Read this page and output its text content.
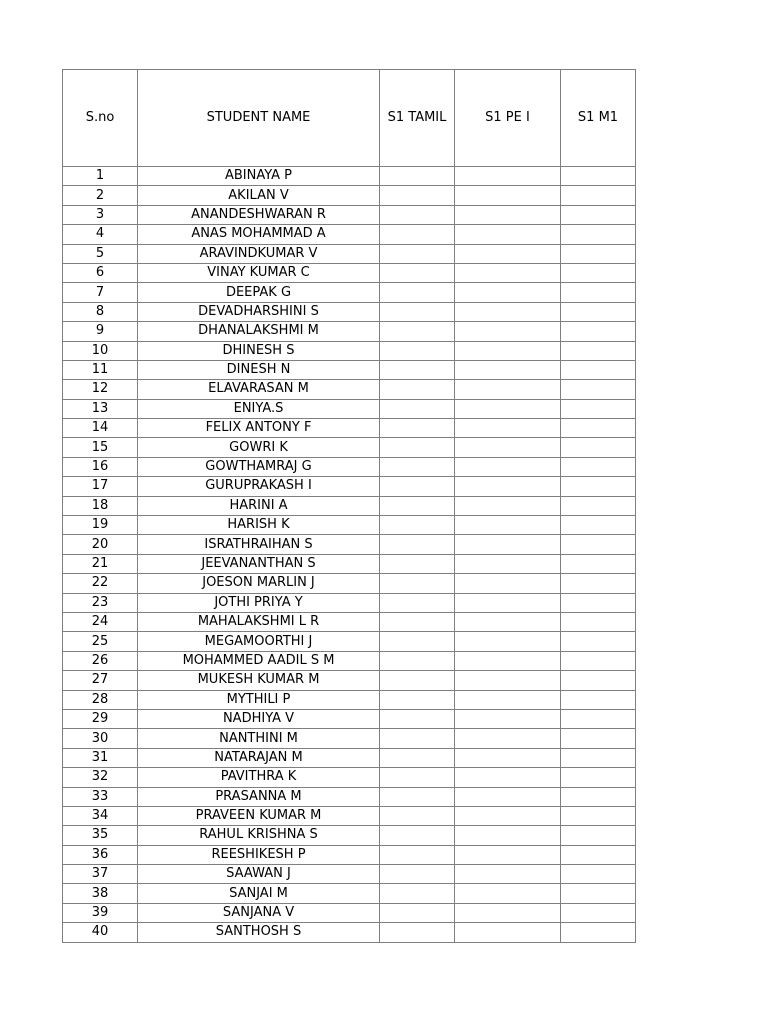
S.no	STUDENT NAME	S1 TAMIL	S1 PE I	S1 M1
1	ABINAYA P			
2	AKILAN V			
3	ANANDESHWARAN R			
4	ANAS MOHAMMAD A			
5	ARAVINDKUMAR V			
6	VINAY KUMAR C			
7	DEEPAK G			
8	DEVADHARSHINI S			
9	DHANALAKSHMI M			
10	DHINESH S			
11	DINESH N			
12	ELAVARASAN M			
13	ENIYA.S			
14	FELIX ANTONY F			
15	GOWRI K			
16	GOWTHAMRAJ G			
17	GURUPRAKASH I			
18	HARINI A			
19	HARISH K			
20	ISRATHRAIHAN S			
21	JEEVANANTHAN S			
22	JOESON MARLIN J			
23	JOTHI PRIYA Y			
24	MAHALAKSHMI L R			
25	MEGAMOORTHI J			
26	MOHAMMED AADIL S M			
27	MUKESH KUMAR M			
28	MYTHILI P			
29	NADHIYA V			
30	NANTHINI M			
31	NATARAJAN M			
32	PAVITHRA K			
33	PRASANNA M			
34	PRAVEEN KUMAR M			
35	RAHUL KRISHNA S			
36	REESHIKESH P			
37	SAAWAN J			
38	SANJAI M			
39	SANJANA V			
40	SANTHOSH S			
